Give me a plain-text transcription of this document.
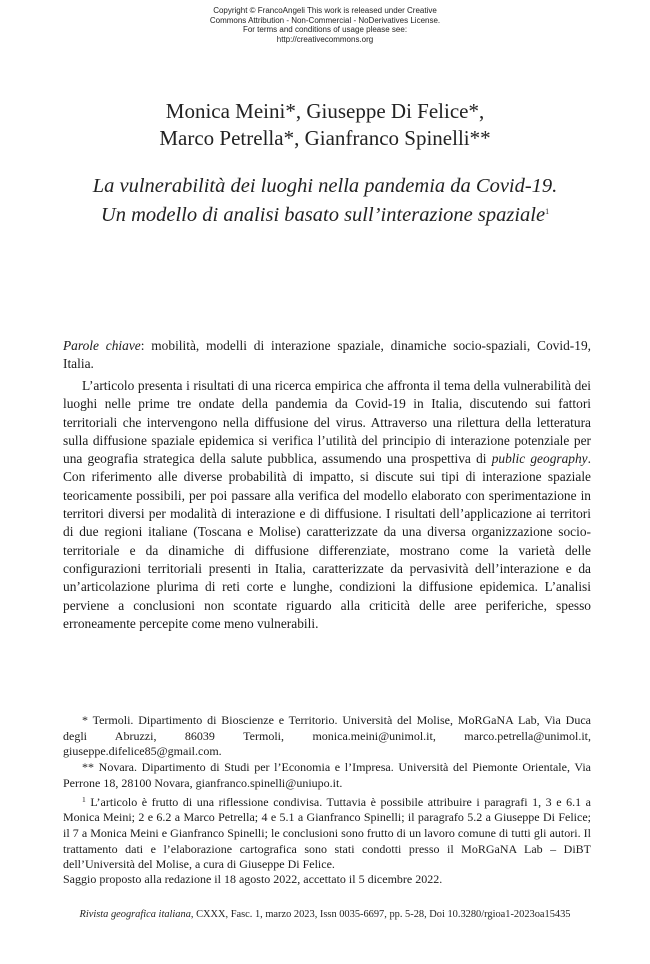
Copyright © FrancoAngeli This work is released under Creative
Commons Attribution - Non-Commercial - NoDerivatives License.
For terms and conditions of usage please see:
http://creativecommons.org
Monica Meini*, Giuseppe Di Felice*,
Marco Petrella*, Gianfranco Spinelli**
La vulnerabilità dei luoghi nella pandemia da Covid-19.
Un modello di analisi basato sull’interazione spaziale$^1$
Parole chiave: mobilità, modelli di interazione spaziale, dinamiche socio-spaziali, Covid-19, Italia.
L’articolo presenta i risultati di una ricerca empirica che affronta il tema della vulnerabilità dei luoghi nelle prime tre ondate della pandemia da Covid-19 in Italia, discutendo sui fattori territoriali che intervengono nella diffusione del virus. Attraverso una rilettura della letteratura sulla diffusione spaziale epidemica si verifica l’utilità del principio di interazione potenziale per una geografia strategica della salute pubblica, assumendo una prospettiva di public geography. Con riferimento alle diverse probabilità di impatto, si discute sui tipi di interazione spaziale teoricamente possibili, per poi passare alla verifica del modello elaborato con sperimentazione in territori diversi per modalità di interazione e di diffusione. I risultati dell’applicazione ai territori di due regioni italiane (Toscana e Molise) caratterizzate da una diversa organizzazione socio-territoriale e da dinamiche di diffusione differenziate, mostrano come la varietà delle configurazioni territoriali presenti in Italia, caratterizzate da pervasività dell’interazione e da un’articolazione plurima di reti corte e lunghe, condizioni la diffusione epidemica. L’analisi perviene a conclusioni non scontate riguardo alla criticità delle aree periferiche, spesso erroneamente percepite come meno vulnerabili.

* Termoli. Dipartimento di Bioscienze e Territorio. Università del Molise, MoRGaNA Lab, Via Duca degli Abruzzi, 86039 Termoli, monica.meini@unimol.it, marco.petrella@unimol.it, giuseppe.difelice85@gmail.com.

** Novara. Dipartimento di Studi per l’Economia e l’Impresa. Università del Piemonte Orientale, Via Perrone 18, 28100 Novara, gianfranco.spinelli@uniupo.it.

$^1$ L’articolo è frutto di una riflessione condivisa. Tuttavia è possibile attribuire i paragrafi 1, 3 e 6.1 a Monica Meini; 2 e 6.2 a Marco Petrella; 4 e 5.1 a Gianfranco Spinelli; il paragrafo 5.2 a Giuseppe Di Felice; il 7 a Monica Meini e Gianfranco Spinelli; le conclusioni sono frutto di un lavoro comune di tutti gli autori. Il trattamento dati e l’elaborazione cartografica sono stati condotti presso il MoRGaNA Lab – DiBT dell’Università del Molise, a cura di Giuseppe Di Felice.

Saggio proposto alla redazione il 18 agosto 2022, accettato il 5 dicembre 2022.
Rivista geografica italiana, CXXX, Fasc. 1, marzo 2023, Issn 0035-6697, pp. 5-28, Doi 10.3280/rgioa1-2023oa15435
